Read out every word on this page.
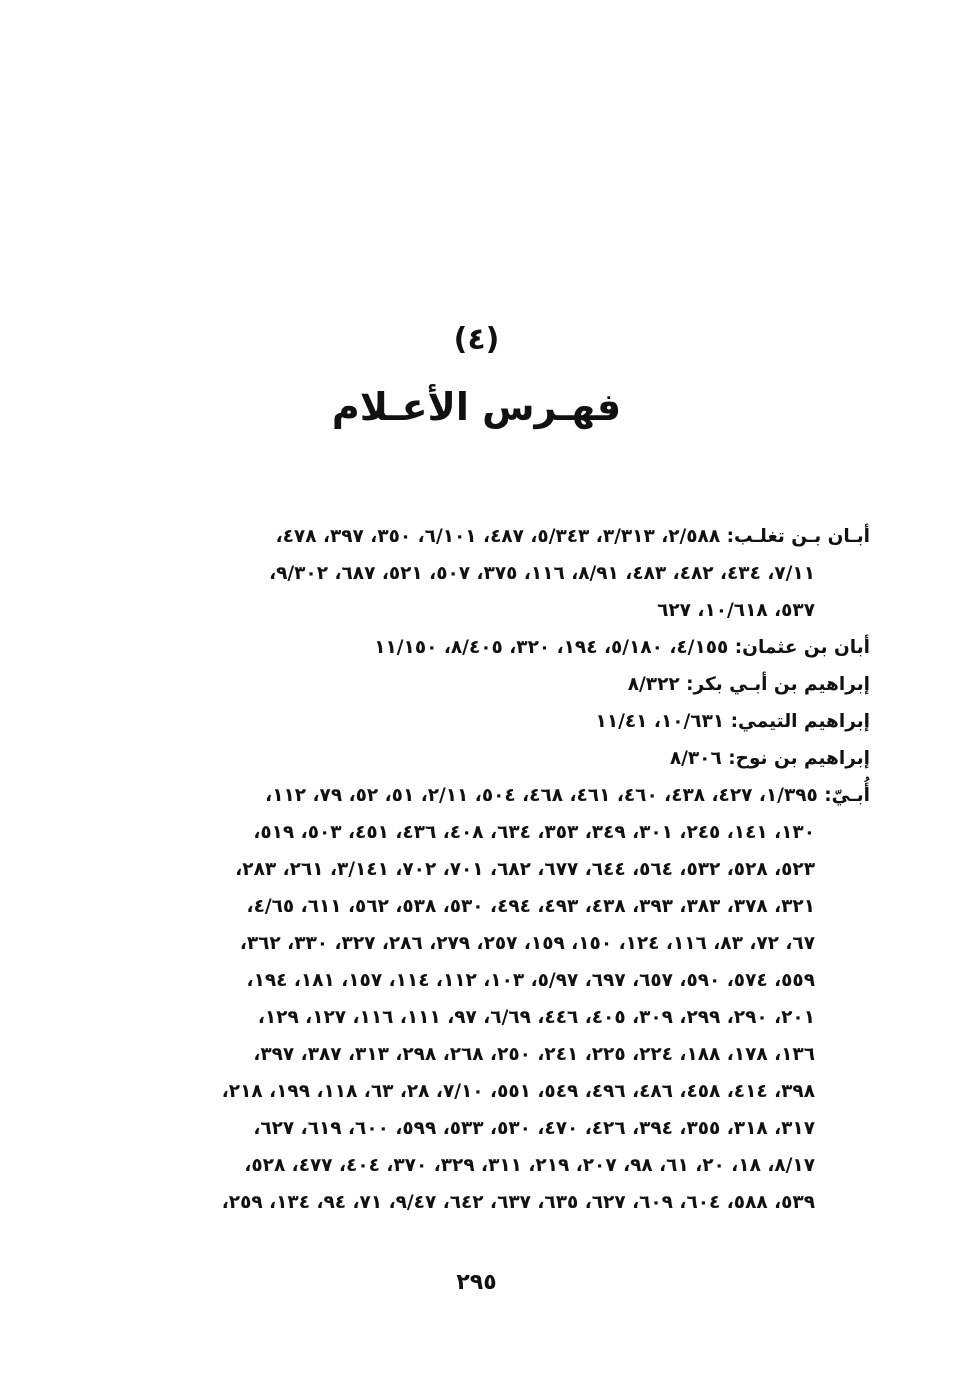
(٤)
فهـرس الأعـلام
أبـان بـن تغلـب: ٢/٥٨٨، ٣/٣١٣، ٥/٣٤٣، ٤٨٧، ٦/١٠١، ٣٥٠، ٣٩٧، ٤٧٨،
٧/١١، ٤٣٤، ٤٨٢، ٤٨٣، ٨/٩١، ١١٦، ٣٧٥، ٥٠٧، ٥٢١، ٦٨٧، ٩/٣٠٢،
٥٣٧، ١٠/٦١٨، ٦٢٧
أبان بن عثمان: ٤/١٥٥، ٥/١٨٠، ١٩٤، ٣٢٠، ٨/٤٠٥، ١١/١٥٠
إبراهيم بن أبـي بكر: ٨/٣٢٢
إبراهيم التيمي: ١٠/٦٣١، ١١/٤١
إبراهيم بن نوح: ٨/٣٠٦
أُبـيّ: ١/٣٩٥، ٤٢٧، ٤٣٨، ٤٦٠، ٤٦١، ٤٦٨، ٥٠٤، ٢/١١، ٥١، ٥٢، ٧٩، ١١٢،
١٣٠، ١٤١، ٢٤٥، ٣٠١، ٣٤٩، ٣٥٣، ٦٣٤، ٤٠٨، ٤٣٦، ٤٥١، ٥٠٣، ٥١٩،
٥٢٣، ٥٢٨، ٥٣٢، ٥٦٤، ٦٤٤، ٦٧٧، ٦٨٢، ٧٠١، ٧٠٢، ٣/١٤١، ٢٦١، ٢٨٣،
٣٢١، ٣٧٨، ٣٨٣، ٣٩٣، ٤٣٨، ٤٩٣، ٤٩٤، ٥٣٠، ٥٣٨، ٥٦٢، ٦١١، ٤/٦٥،
٦٧، ٧٢، ٨٣، ١١٦، ١٢٤، ١٥٠، ١٥٩، ٢٥٧، ٢٧٩، ٢٨٦، ٣٢٧، ٣٣٠، ٣٦٢،
٥٥٩، ٥٧٤، ٥٩٠، ٦٥٧، ٦٩٧، ٥/٩٧، ١٠٣، ١١٢، ١١٤، ١٥٧، ١٨١، ١٩٤،
٢٠١، ٢٩٠، ٢٩٩، ٣٠٩، ٤٠٥، ٤٤٦، ٦/٦٩، ٩٧، ١١١، ١١٦، ١٢٧، ١٢٩،
١٣٦، ١٧٨، ١٨٨، ٢٢٤، ٢٢٥، ٢٤١، ٢٥٠، ٢٦٨، ٢٩٨، ٣١٣، ٣٨٧، ٣٩٧،
٣٩٨، ٤١٤، ٤٥٨، ٤٨٦، ٤٩٦، ٥٤٩، ٥٥١، ٧/١٠، ٢٨، ٦٣، ١١٨، ١٩٩، ٢١٨،
٣١٧، ٣١٨، ٣٥٥، ٣٩٤، ٤٢٦، ٤٧٠، ٥٣٠، ٥٣٣، ٥٩٩، ٦٠٠، ٦١٩، ٦٢٧،
٨/١٧، ١٨، ٢٠، ٦١، ٩٨، ٢٠٧، ٢١٩، ٣١١، ٣٢٩، ٣٧٠، ٤٠٤، ٤٧٧، ٥٢٨،
٥٣٩، ٥٨٨، ٦٠٤، ٦٠٩، ٦٢٧، ٦٣٥، ٦٣٧، ٦٤٢، ٩/٤٧، ٧١، ٩٤، ١٣٤، ٢٥٩،
٢٩٥
